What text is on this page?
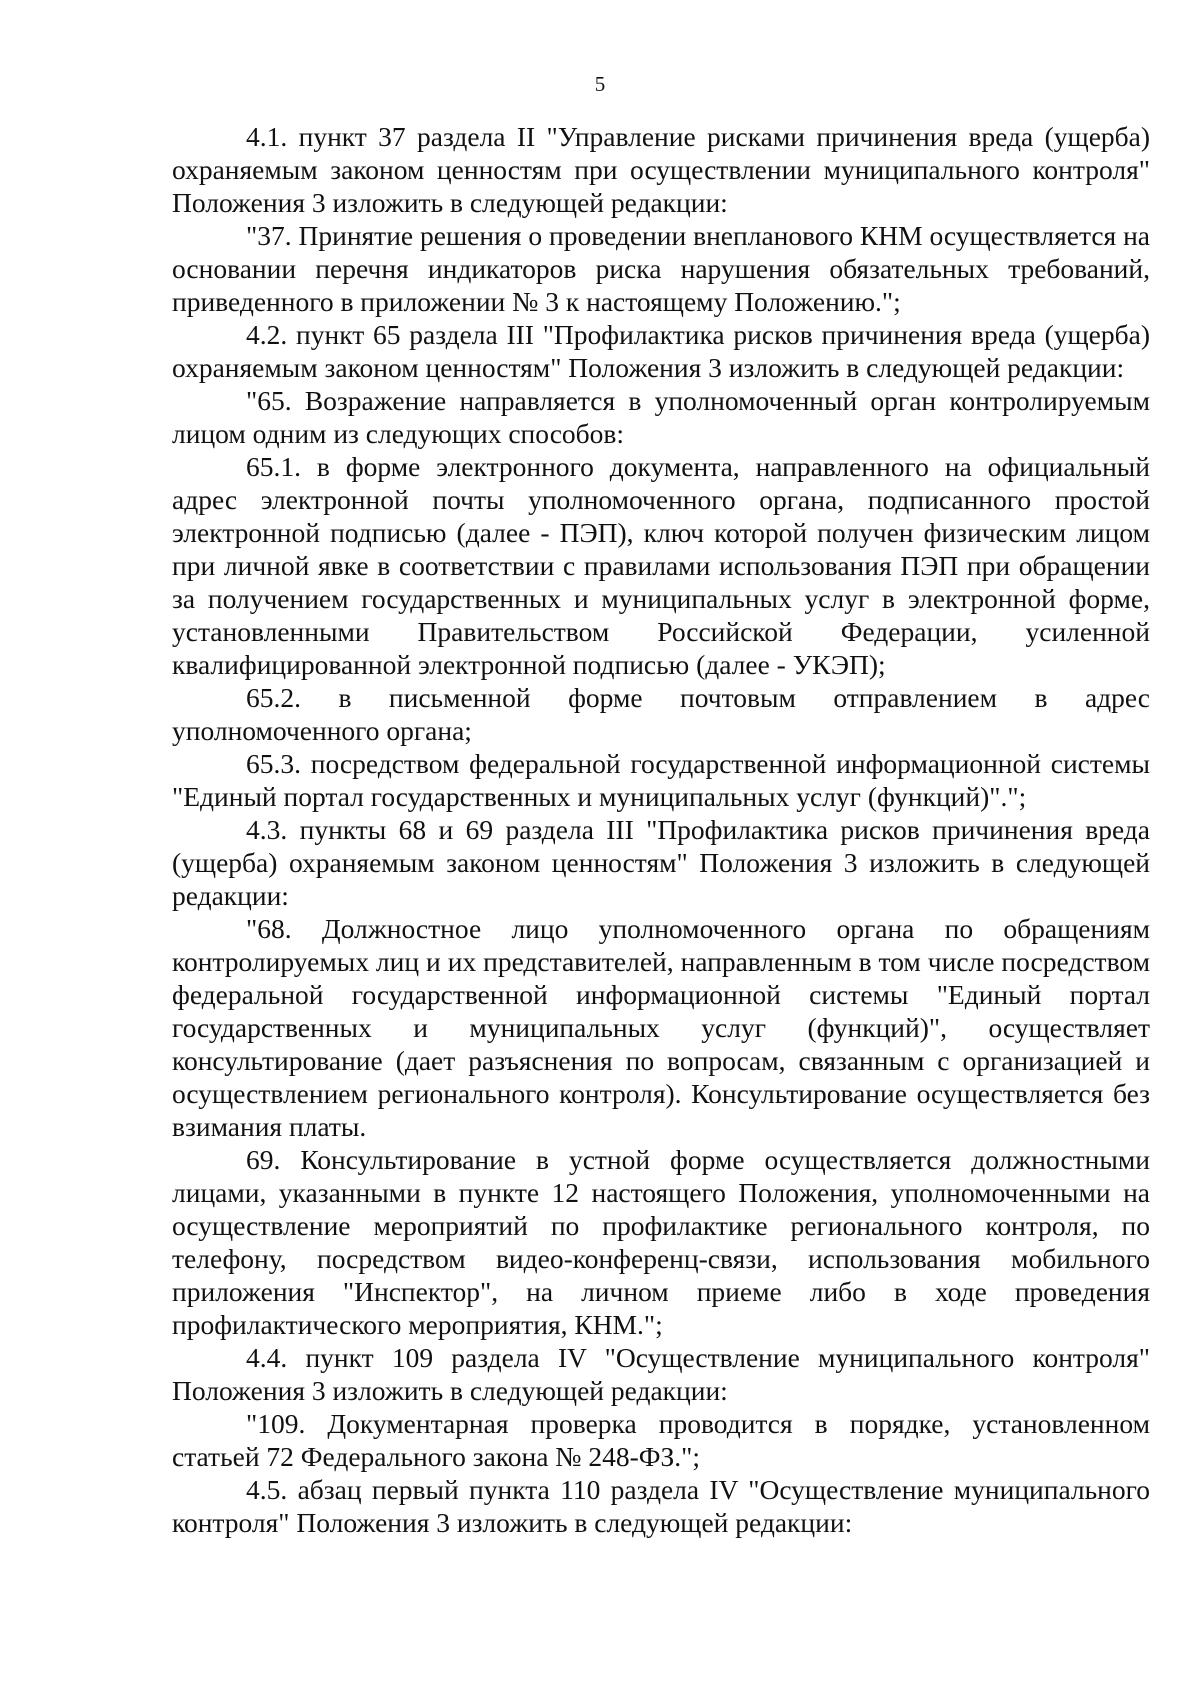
5

4.1. пункт 37 раздела II "Управление рисками причинения вреда (ущерба) охраняемым законом ценностям при осуществлении муниципального контроля" Положения 3 изложить в следующей редакции:

"37. Принятие решения о проведении внепланового КНМ осуществляется на основании перечня индикаторов риска нарушения обязательных требований, приведенного в приложении № 3 к настоящему Положению.";

4.2. пункт 65 раздела III "Профилактика рисков причинения вреда (ущерба) охраняемым законом ценностям" Положения 3 изложить в следующей редакции:

"65. Возражение направляется в уполномоченный орган контролируемым лицом одним из следующих способов:

65.1. в форме электронного документа, направленного на официальный адрес электронной почты уполномоченного органа, подписанного простой электронной подписью (далее - ПЭП), ключ которой получен физическим лицом при личной явке в соответствии с правилами использования ПЭП при обращении за получением государственных и муниципальных услуг в электронной форме, установленными Правительством Российской Федерации, усиленной квалифицированной электронной подписью (далее - УКЭП);

65.2. в письменной форме почтовым отправлением в адрес уполномоченного органа;

65.3. посредством федеральной государственной информационной системы "Единый портал государственных и муниципальных услуг (функций)".";

4.3. пункты 68 и 69 раздела III "Профилактика рисков причинения вреда (ущерба) охраняемым законом ценностям" Положения 3 изложить в следующей редакции:

"68. Должностное лицо уполномоченного органа по обращениям контролируемых лиц и их представителей, направленным в том числе посредством федеральной государственной информационной системы "Единый портал государственных и муниципальных услуг (функций)", осуществляет консультирование (дает разъяснения по вопросам, связанным с организацией и осуществлением регионального контроля). Консультирование осуществляется без взимания платы.

69. Консультирование в устной форме осуществляется должностными лицами, указанными в пункте 12 настоящего Положения, уполномоченными на осуществление мероприятий по профилактике регионального контроля, по телефону, посредством видео-конференц-связи, использования мобильного приложения "Инспектор", на личном приеме либо в ходе проведения профилактического мероприятия, КНМ.";

4.4. пункт 109 раздела IV "Осуществление муниципального контроля" Положения 3 изложить в следующей редакции:

"109. Документарная проверка проводится в порядке, установленном статьей 72 Федерального закона № 248-ФЗ.";

4.5. абзац первый пункта 110 раздела IV "Осуществление муниципального контроля" Положения 3 изложить в следующей редакции:
